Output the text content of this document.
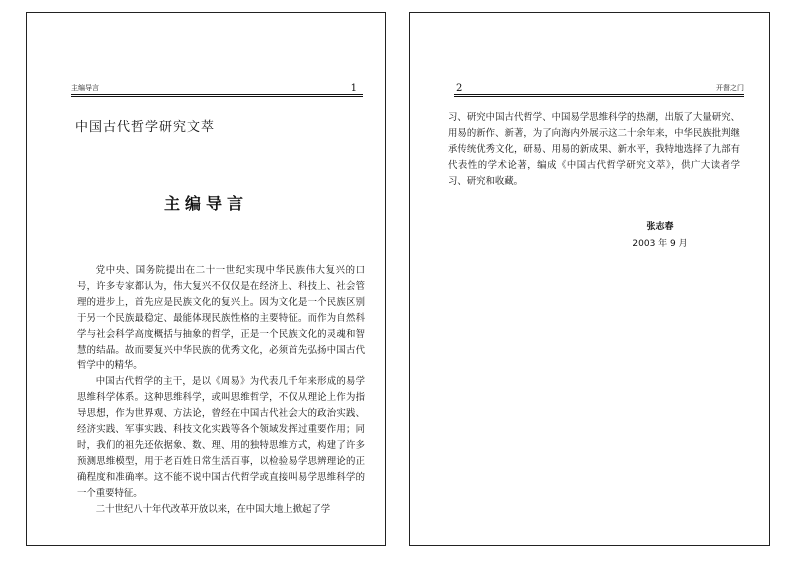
主编导言	1
中国古代哲学研究文萃
主编导言

党中央、国务院提出在二十一世纪实现中华民族伟大复兴的口号，许多专家都认为，伟大复兴不仅仅是在经济上、科技上、社会管理的进步上，首先应是民族文化的复兴上。因为文化是一个民族区别于另一个民族最稳定、最能体现民族性格的主要特征。而作为自然科学与社会科学高度概括与抽象的哲学，正是一个民族文化的灵魂和智慧的结晶。故而要复兴中华民族的优秀文化，必须首先弘扬中国古代哲学中的精华。

中国古代哲学的主干，是以《周易》为代表几千年来形成的易学思维科学体系。这种思维科学，或叫思维哲学，不仅从理论上作为指导思想，作为世界观、方法论，曾经在中国古代社会大的政治实践、经济实践、军事实践、科技文化实践等各个领域发挥过重要作用；同时，我们的祖先还依据象、数、理、用的独特思维方式，构建了许多预测思维模型，用于老百姓日常生活百事，以检验易学思辨理论的正确程度和准确率。这不能不说中国古代哲学或直接叫易学思维科学的一个重要特征。

二十世纪八十年代改革开放以来，在中国大地上掀起了学

2	开督之门

习、研究中国古代哲学、中国易学思维科学的热潮，出版了大量研究、用易的新作、新著，为了向海内外展示这二十余年来，中华民族批判继承传统优秀文化，研易、用易的新成果、新水平，我特地选择了九部有代表性的学术论著，编成《中国古代哲学研究文萃》，供广大读者学习、研究和收藏。

张志春
2003 年 9 月
